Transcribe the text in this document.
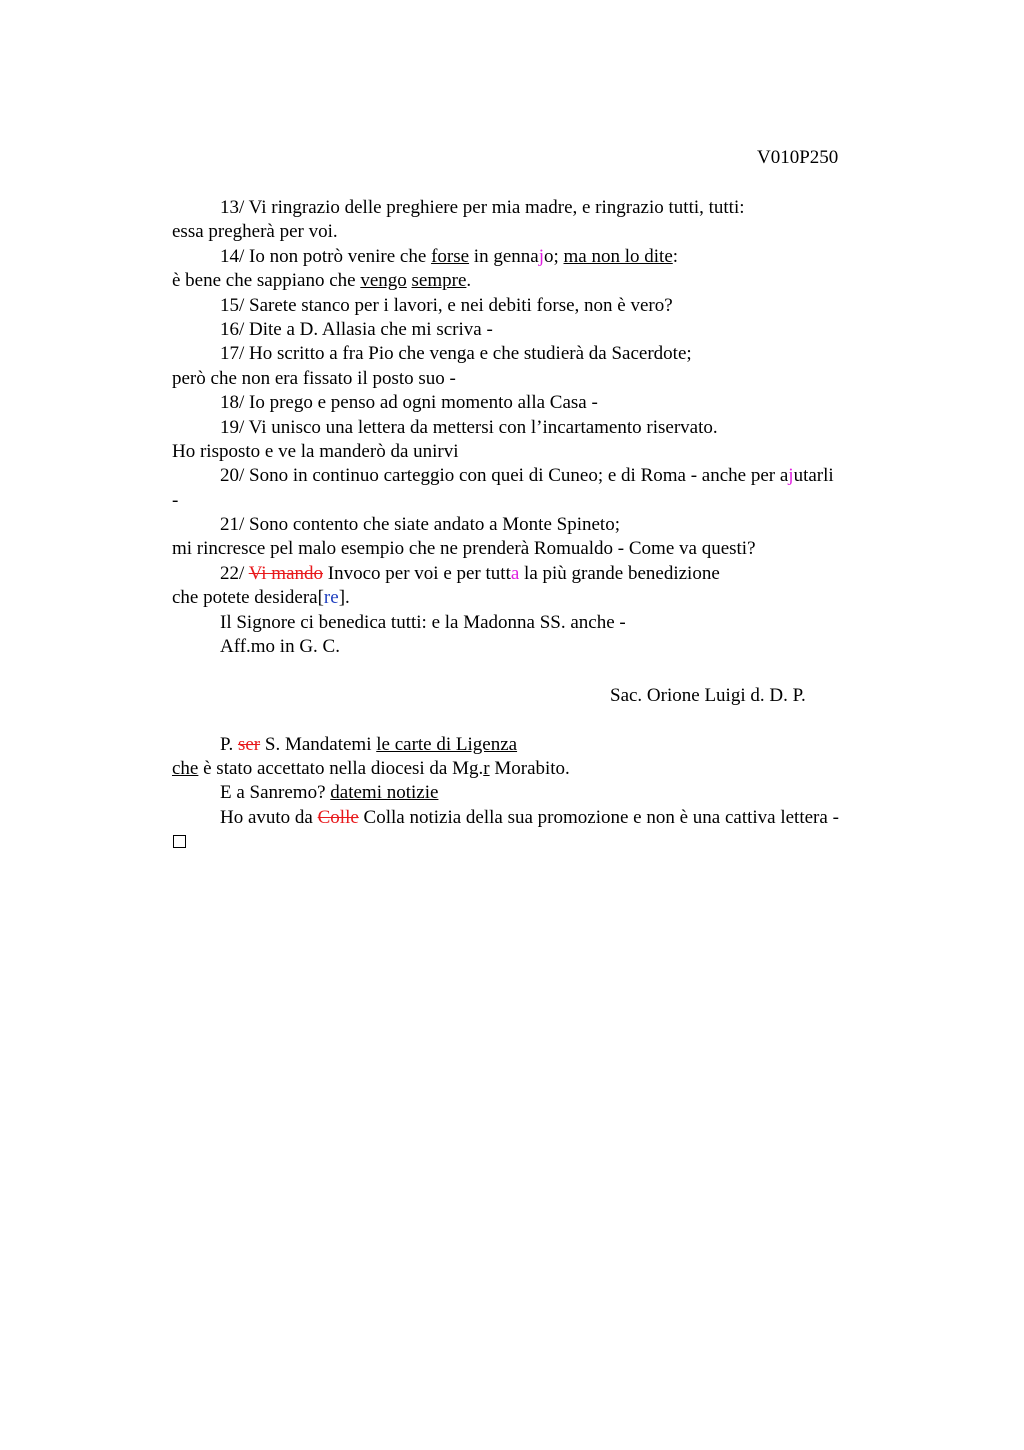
V010P250
13/ Vi ringrazio delle preghiere per mia madre, e ringrazio tutti, tutti:
essa pregherà per voi.
14/ Io non potrò venire che forse in gennajo; ma non lo dite:
è bene che sappiano che vengo sempre.
15/ Sarete stanco per i lavori, e nei debiti forse, non è vero?
16/ Dite a D. Allasia che mi scriva -
17/ Ho scritto a fra Pio che venga e che studierà da Sacerdote;
però che non era fissato il posto suo -
18/ Io prego e penso ad ogni momento alla Casa -
19/ Vi unisco una lettera da mettersi con l’incartamento riservato.
Ho risposto e ve la manderò da unirvi
20/ Sono in continuo carteggio con quei di Cuneo; e di Roma - anche per ajutarli
-
21/ Sono contento che siate andato a Monte Spineto;
mi rincresce pel malo esempio che ne prenderà Romualdo - Come va questi?
22/ Vi mando Invoco per voi e per tutta la più grande benedizione
che potete desidera[re].
Il Signore ci benedica tutti: e la Madonna SS. anche -
Aff.mo in G. C.
Sac. Orione Luigi d. D. P.
P. ser S. Mandatemi le carte di Ligenza
che è stato accettato nella diocesi da Mg.r Morabito.
E a Sanremo? datemi notizie
Ho avuto da Colle Colla notizia della sua promozione e non è una cattiva lettera -
